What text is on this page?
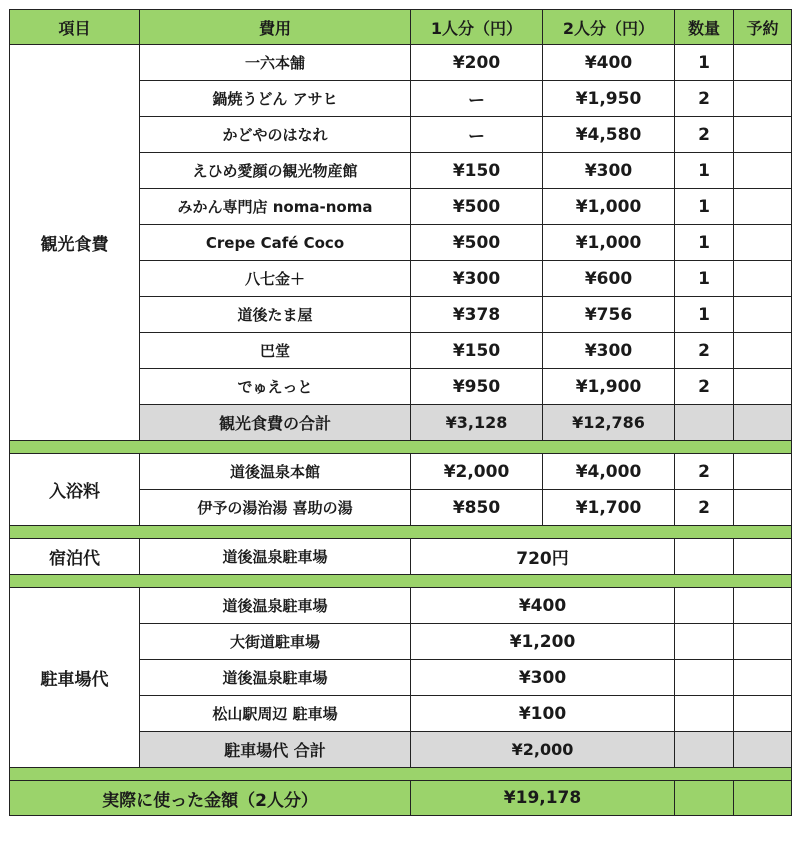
項目	費用	1人分（円）	2人分（円）	数量	予約
観光食費	一六本舗	¥200	¥400	1	
	鍋焼うどん アサヒ	ー	¥1,950	2	
	かどやのはなれ	ー	¥4,580	2	
	えひめ愛顔の観光物産館	¥150	¥300	1	
	みかん専門店 noma-noma	¥500	¥1,000	1	
	Crepe Café Coco	¥500	¥1,000	1	
	八七金＋	¥300	¥600	1	
	道後たま屋	¥378	¥756	1	
	巴堂	¥150	¥300	2	
	でゅえっと	¥950	¥1,900	2	
	観光食費の合計	¥3,128	¥12,786		

入浴料	道後温泉本館	¥2,000	¥4,000	2	
	伊予の湯治湯 喜助の湯	¥850	¥1,700	2	

宿泊代	道後温泉駐車場	720円			

駐車場代	道後温泉駐車場	¥400			
	大街道駐車場	¥1,200			
	道後温泉駐車場	¥300			
	松山駅周辺 駐車場	¥100			
	駐車場代 合計	¥2,000			

実際に使った金額（2人分）		¥19,178			
